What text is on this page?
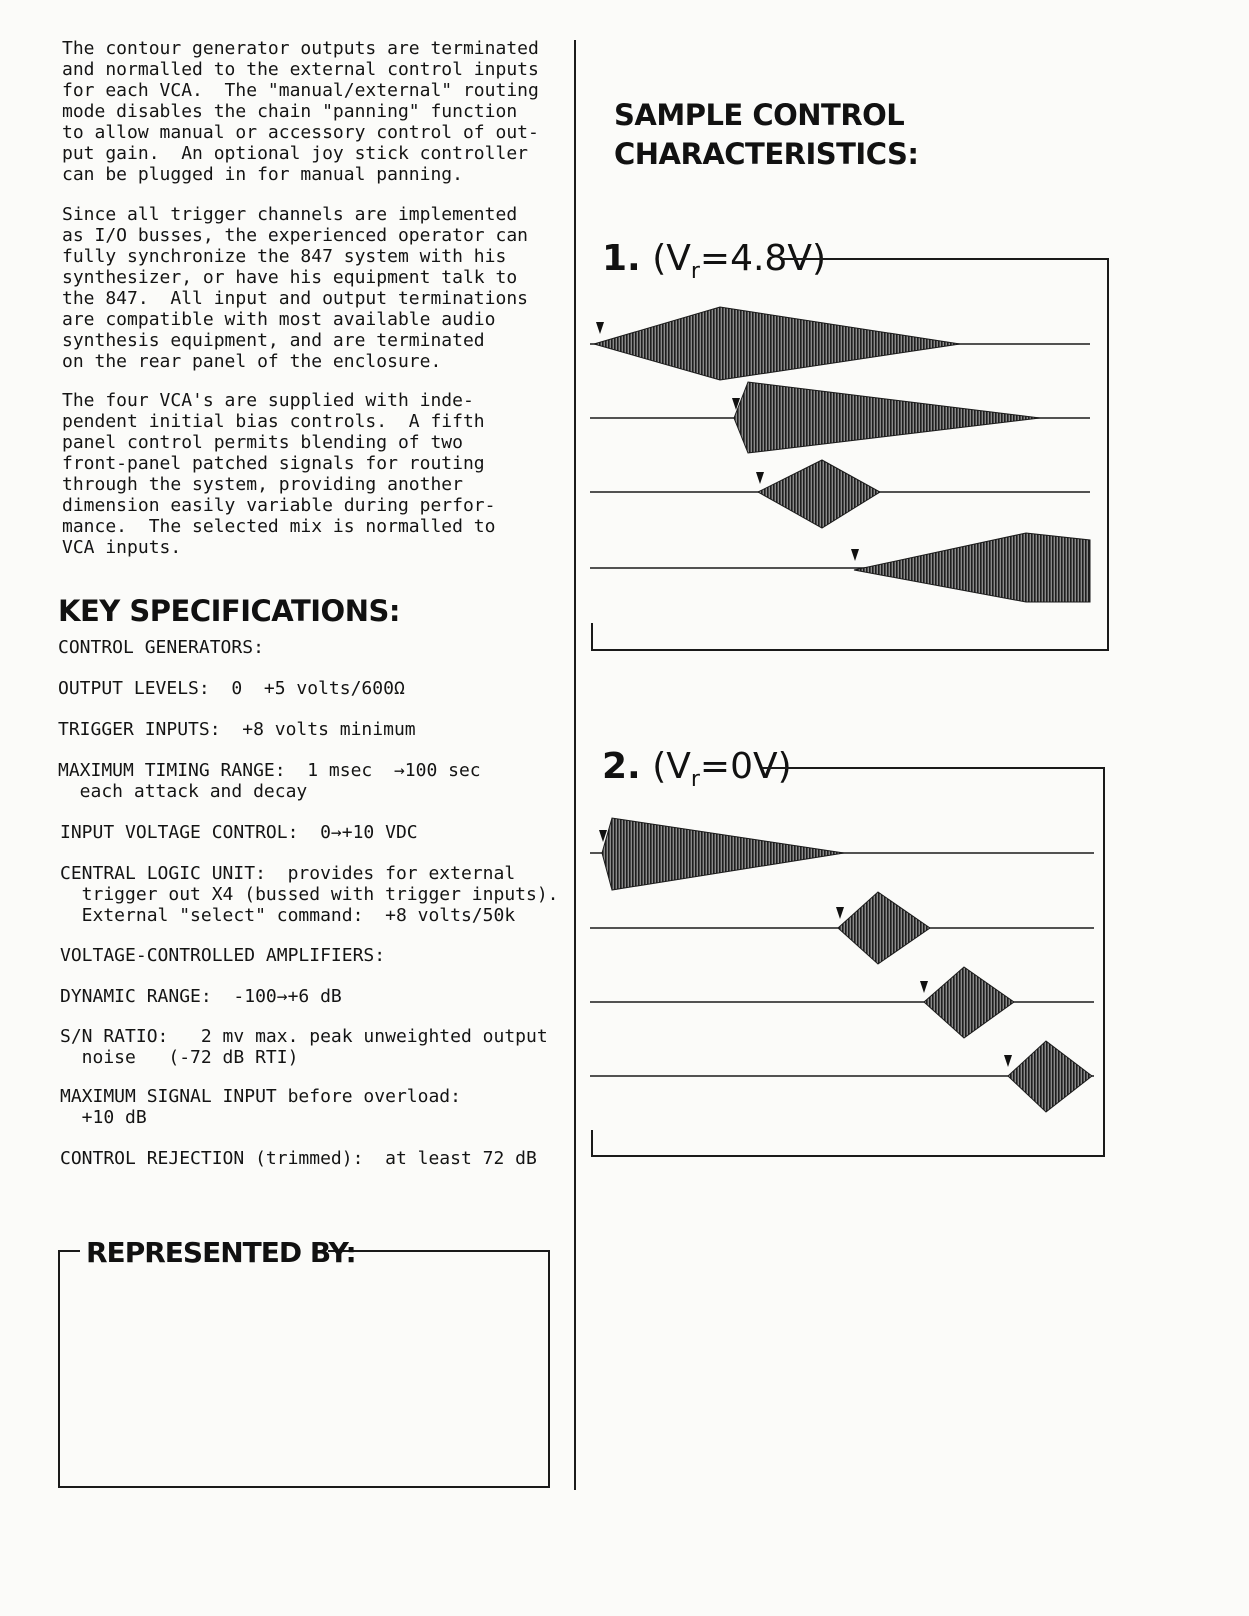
The contour generator outputs are terminated
and normalled to the external control inputs
for each VCA.  The "manual/external" routing
mode disables the chain "panning" function
to allow manual or accessory control of out-
put gain.  An optional joy stick controller
can be plugged in for manual panning.

Since all trigger channels are implemented
as I/O busses, the experienced operator can
fully synchronize the 847 system with his
synthesizer, or have his equipment talk to
the 847.  All input and output terminations
are compatible with most available audio
synthesis equipment, and are terminated
on the rear panel of the enclosure.

The four VCA's are supplied with inde-
pendent initial bias controls.  A fifth
panel control permits blending of two
front-panel patched signals for routing
through the system, providing another
dimension easily variable during perfor-
mance.  The selected mix is normalled to
VCA inputs.

KEY SPECIFICATIONS:

CONTROL GENERATORS:

OUTPUT LEVELS:  0  +5 volts/600Ω

TRIGGER INPUTS:  +8 volts minimum

MAXIMUM TIMING RANGE:  1 msec  →100 sec
each attack and decay

INPUT VOLTAGE CONTROL:  0→+10 VDC

CENTRAL LOGIC UNIT:  provides for external
trigger out X4 (bussed with trigger inputs).
External "select" command:  +8 volts/50k

VOLTAGE-CONTROLLED AMPLIFIERS:

DYNAMIC RANGE:  -100→+6 dB

S/N RATIO:   2 mv max. peak unweighted output
noise   (-72 dB RTI)

MAXIMUM SIGNAL INPUT before overload:
+10 dB

CONTROL REJECTION (trimmed):  at least 72 dB

REPRESENTED BY:
SAMPLE CONTROL
CHARACTERISTICS:
1. $(V_r=4.8V)$
2. $(V_r=0V)$
